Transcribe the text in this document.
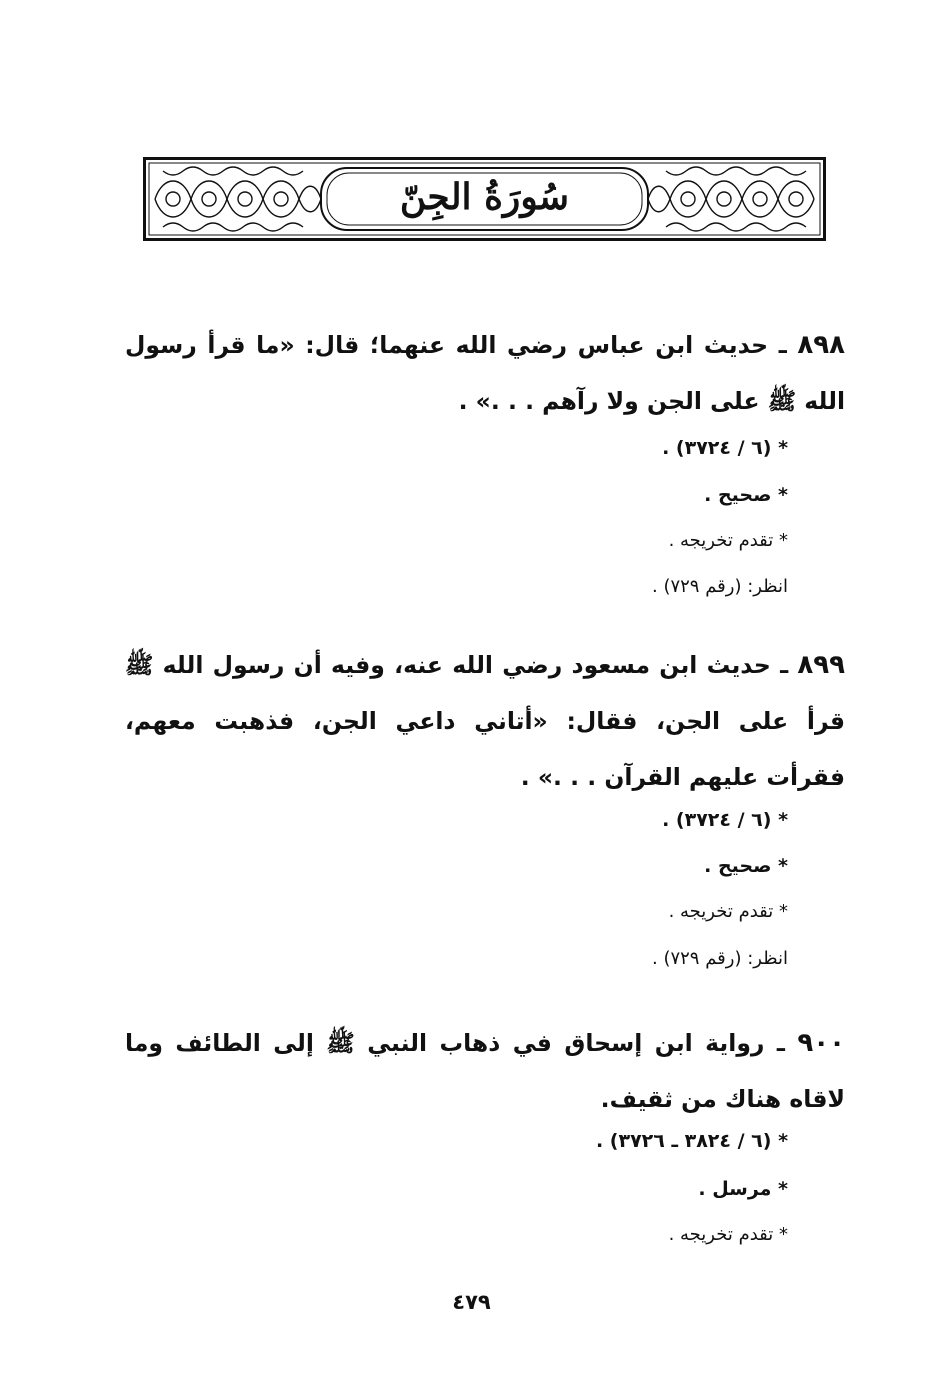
سُورَةُ الجِنّ
٨٩٨ ـ حديث ابن عباس رضي الله عنهما؛ قال: «ما قرأ رسول الله ﷺ على الجن ولا رآهم . . .» .
* (٦ / ٣٧٢٤) .
* صحيح .
* تقدم تخريجه .
انظر: (رقم ٧٢٩) .
٨٩٩ ـ حديث ابن مسعود رضي الله عنه، وفيه أن رسول الله ﷺ قرأ على الجن، فقال: «أتاني داعي الجن، فذهبت معهم، فقرأت عليهم القرآن . . .» .
* (٦ / ٣٧٢٤) .
* صحيح .
* تقدم تخريجه .
انظر: (رقم ٧٢٩) .
٩٠٠ ـ رواية ابن إسحاق في ذهاب النبي ﷺ إلى الطائف وما لاقاه هناك من ثقيف.
* (٦ / ٣٨٢٤ ـ ٣٧٢٦) .
* مرسل .
* تقدم تخريجه .
٤٧٩
